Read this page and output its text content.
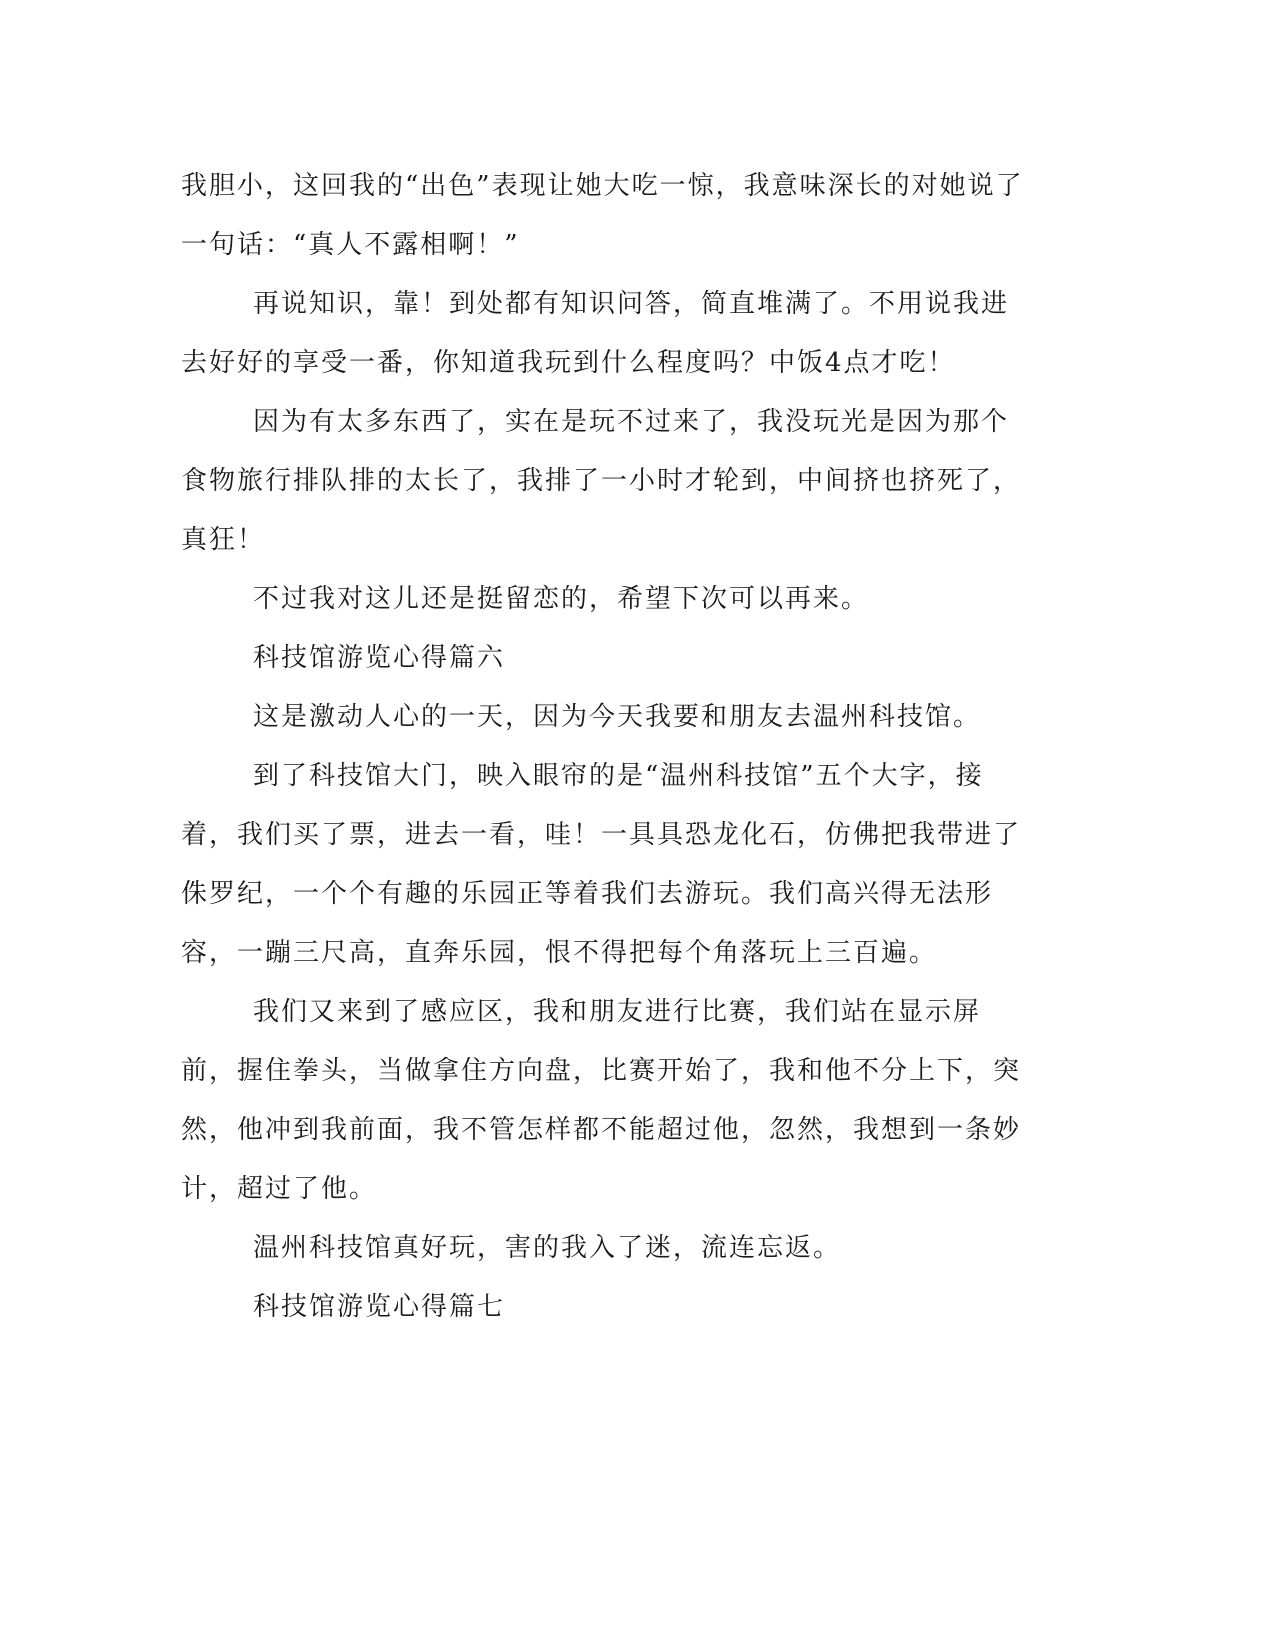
我胆小，这回我的“出色”表现让她大吃一惊，我意味深长的对她说了一句话：“真人不露相啊！”

再说知识，靠！到处都有知识问答，简直堆满了。不用说我进去好好的享受一番，你知道我玩到什么程度吗？中饭4点才吃！

因为有太多东西了，实在是玩不过来了，我没玩光是因为那个食物旅行排队排的太长了，我排了一小时才轮到，中间挤也挤死了，真狂！

不过我对这儿还是挺留恋的，希望下次可以再来。

科技馆游览心得篇六

这是激动人心的一天，因为今天我要和朋友去温州科技馆。

到了科技馆大门，映入眼帘的是“温州科技馆”五个大字，接着，我们买了票，进去一看，哇！一具具恐龙化石，仿佛把我带进了侏罗纪，一个个有趣的乐园正等着我们去游玩。我们高兴得无法形容，一蹦三尺高，直奔乐园，恨不得把每个角落玩上三百遍。

我们又来到了感应区，我和朋友进行比赛，我们站在显示屏前，握住拳头，当做拿住方向盘，比赛开始了，我和他不分上下，突然，他冲到我前面，我不管怎样都不能超过他，忽然，我想到一条妙计，超过了他。

温州科技馆真好玩，害的我入了迷，流连忘返。

科技馆游览心得篇七
